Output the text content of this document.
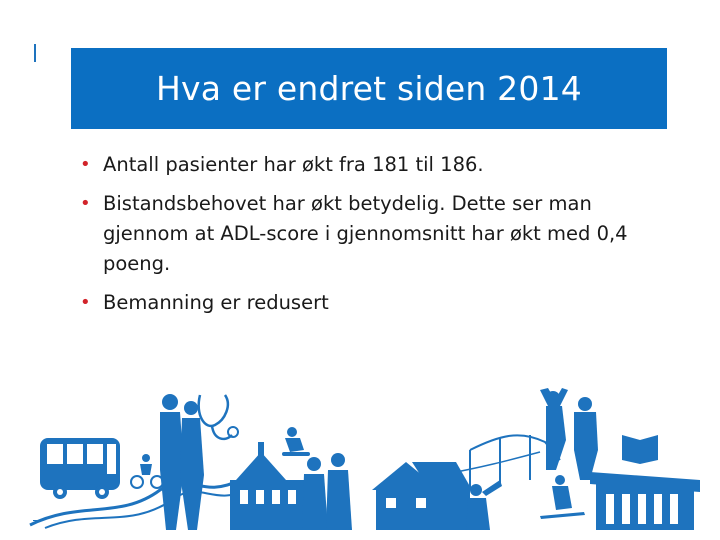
Hva er endret siden 2014
• Antall pasienter har økt fra 181 til 186.
• Bistandsbehovet har økt betydelig. Dette ser man gjennom at ADL-score i gjennomsnitt har økt med 0,4 poeng.
• Bemanning er redusert
